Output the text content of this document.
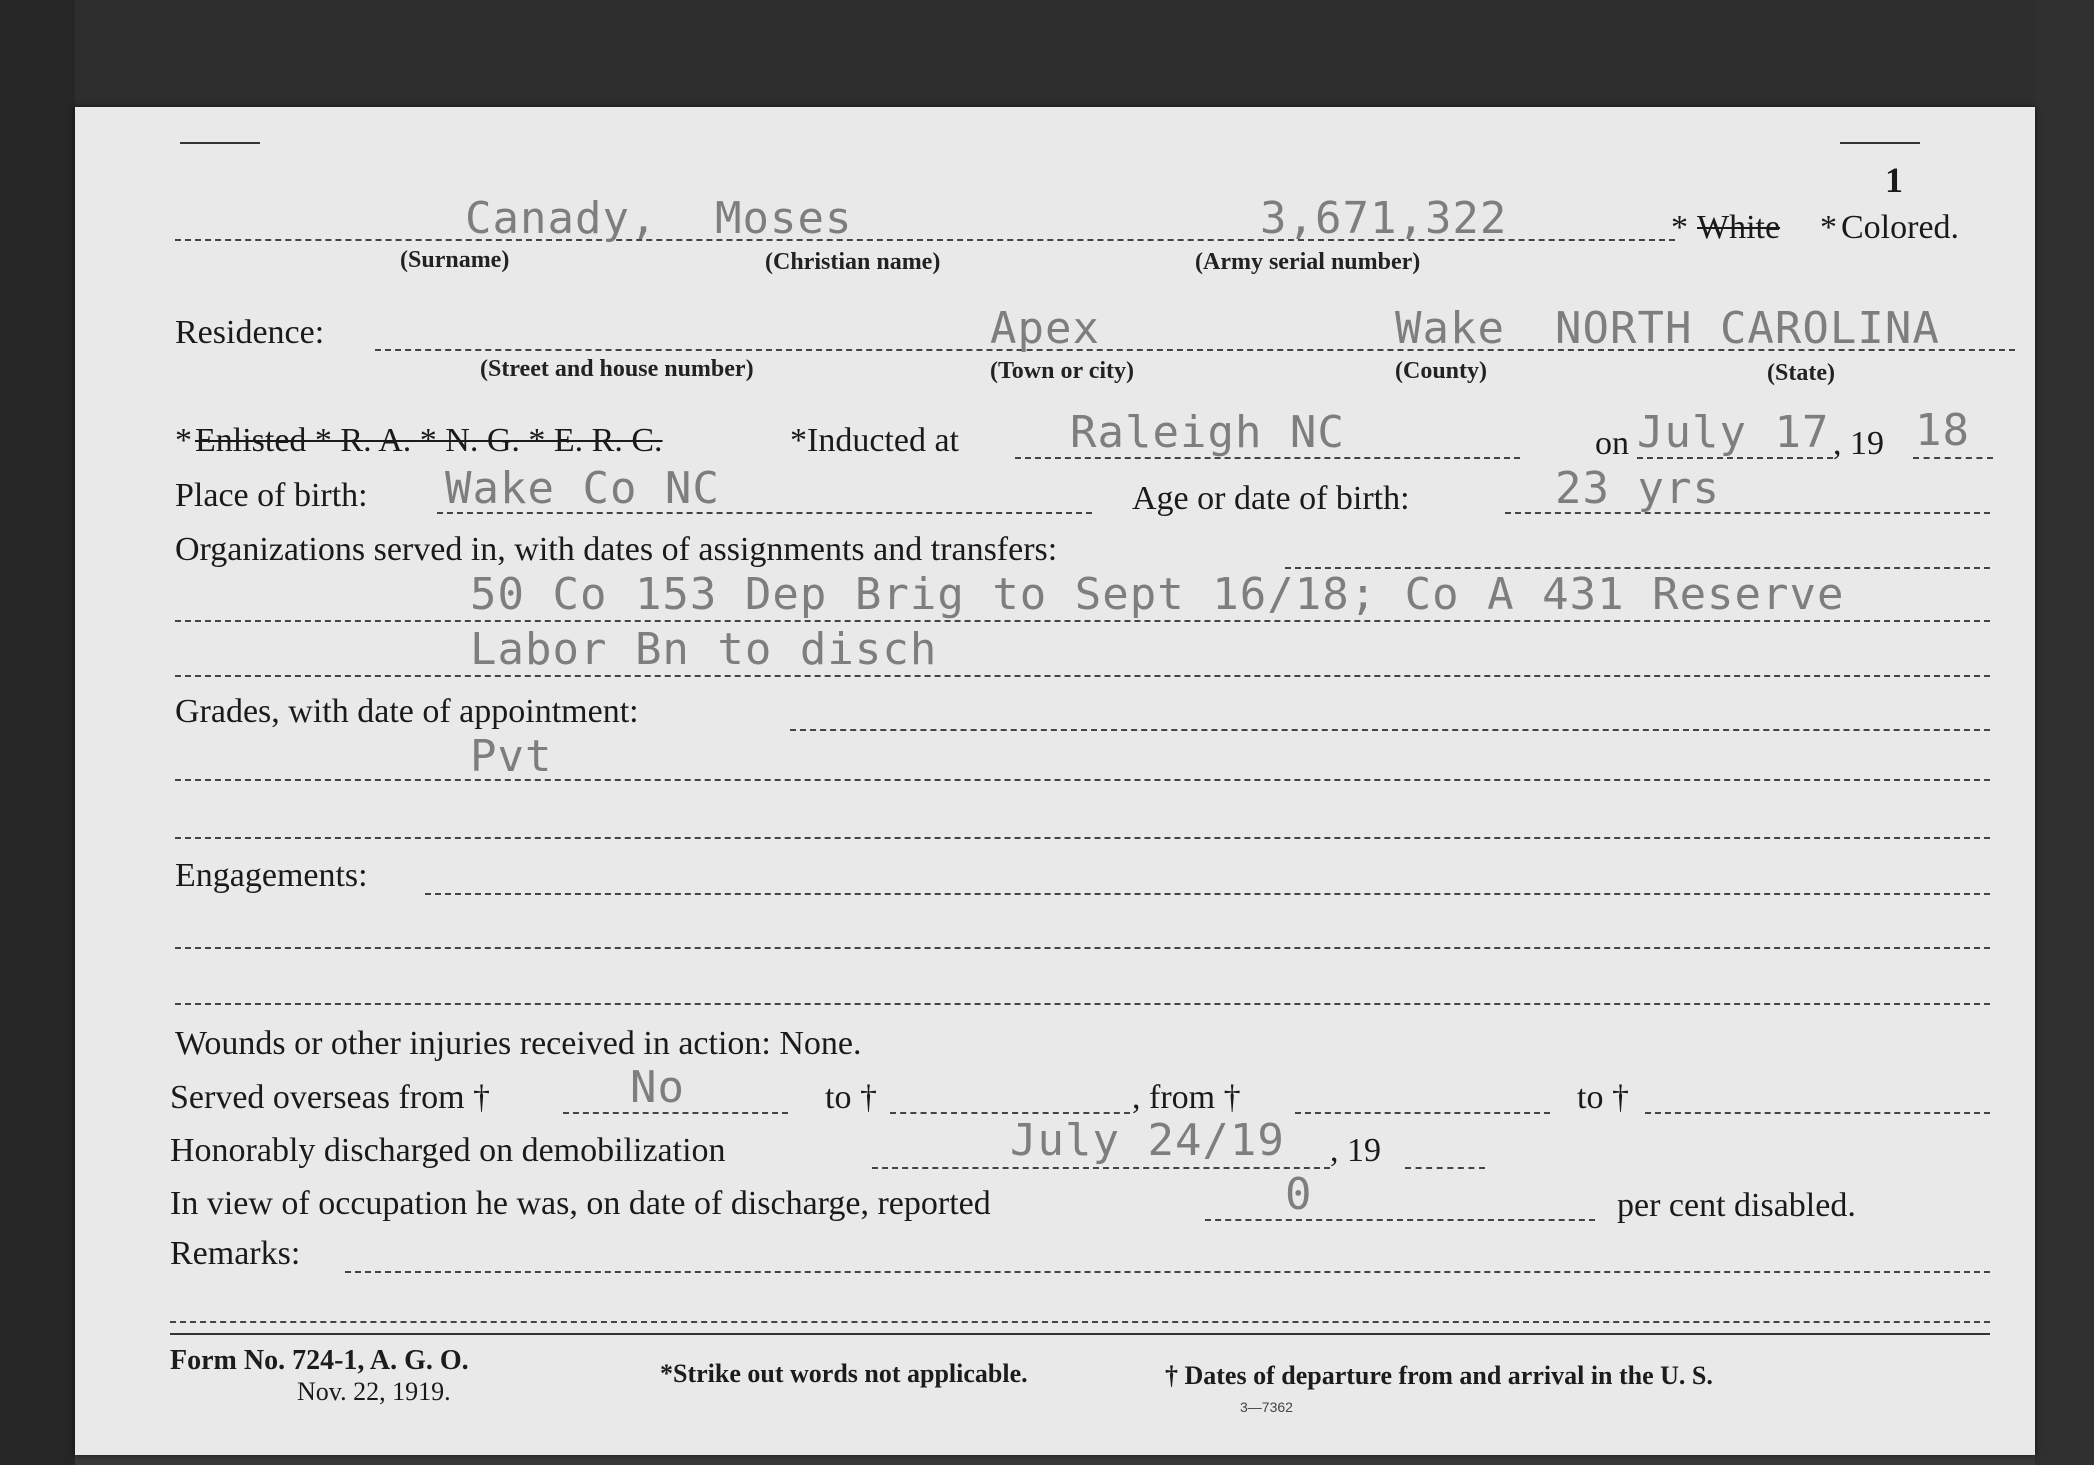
1
Canady, Moses	3,671,322	* White * Colored.
(Surname)	(Christian name)	(Army serial number)
Residence:	Apex	Wake NORTH CAROLINA
(Street and house number)	(Town or city)	(County)	(State)
* Enlisted * R. A. * N. G. * E. R. C.	*Inducted at	Raleigh NC	on July 17 , 19 18
Place of birth: Wake Co NC	Age or date of birth:	23 yrs
Organizations served in, with dates of assignments and transfers:
50 Co 153 Dep Brig to Sept 16/18; Co A 431 Reserve
Labor Bn to disch
Grades, with date of appointment:
Pvt
Engagements:
Wounds or other injuries received in action: None.
Served overseas from †	No	to †	, from †	to †
Honorably discharged on demobilization	July 24/19 , 19
In view of occupation he was, on date of discharge, reported	0	per cent disabled.
Remarks:
Form No. 724-1, A. G. O.
Nov. 22, 1919.
*Strike out words not applicable.	† Dates of departure from and arrival in the U. S.
3—7362
